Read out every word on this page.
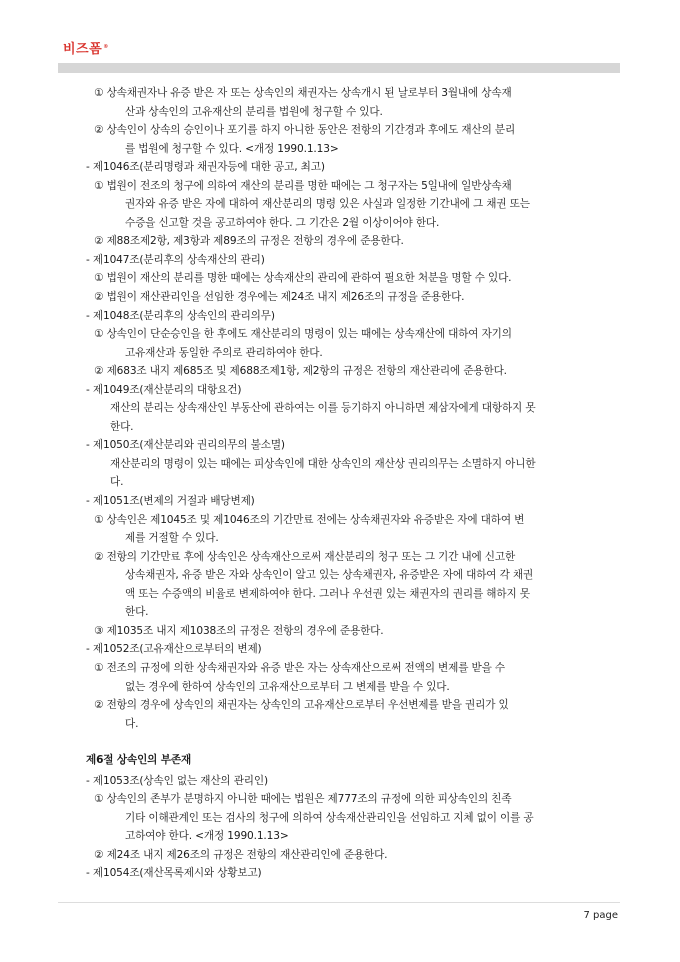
비즈폼®
① 상속채권자나 유증 받은 자 또는 상속인의 채권자는 상속개시 된 날로부터 3월내에 상속재
산과 상속인의 고유재산의 분리를 법원에 청구할 수 있다.
② 상속인이 상속의 승인이나 포기를 하지 아니한 동안은 전항의 기간경과 후에도 재산의 분리
를 법원에 청구할 수 있다. <개정 1990.1.13>
- 제1046조(분리명령과 채권자등에 대한 공고, 최고)
① 법원이 전조의 청구에 의하여 재산의 분리를 명한 때에는 그 청구자는 5일내에 일반상속채
권자와 유증 받은 자에 대하여 재산분리의 명령 있은 사실과 일정한 기간내에 그 채권 또는
수증을 신고할 것을 공고하여야 한다. 그 기간은 2월 이상이어야 한다.
② 제88조제2항, 제3항과 제89조의 규정은 전항의 경우에 준용한다.
- 제1047조(분리후의 상속재산의 관리)
① 법원이 재산의 분리를 명한 때에는 상속재산의 관리에 관하여 필요한 처분을 명할 수 있다.
② 법원이 재산관리인을 선임한 경우에는 제24조 내지 제26조의 규정을 준용한다.
- 제1048조(분리후의 상속인의 관리의무)
① 상속인이 단순승인을 한 후에도 재산분리의 명령이 있는 때에는 상속재산에 대하여 자기의
고유재산과 동일한 주의로 관리하여야 한다.
② 제683조 내지 제685조 및 제688조제1항, 제2항의 규정은 전항의 재산관리에 준용한다.
- 제1049조(재산분리의 대항요건)
재산의 분리는 상속재산인 부동산에 관하여는 이를 등기하지 아니하면 제삼자에게 대항하지 못
한다.
- 제1050조(재산분리와 권리의무의 불소멸)
재산분리의 명령이 있는 때에는 피상속인에 대한 상속인의 재산상 권리의무는 소멸하지 아니한
다.
- 제1051조(변제의 거절과 배당변제)
① 상속인은 제1045조 및 제1046조의 기간만료 전에는 상속채권자와 유증받은 자에 대하여 변
제를 거절할 수 있다.
② 전항의 기간만료 후에 상속인은 상속재산으로써 재산분리의 청구 또는 그 기간 내에 신고한
상속채권자, 유증 받은 자와 상속인이 알고 있는 상속채권자, 유증받은 자에 대하여 각 채권
액 또는 수증액의 비율로 변제하여야 한다. 그러나 우선권 있는 채권자의 권리를 해하지 못
한다.
③ 제1035조 내지 제1038조의 규정은 전항의 경우에 준용한다.
- 제1052조(고유재산으로부터의 변제)
① 전조의 규정에 의한 상속채권자와 유증 받은 자는 상속재산으로써 전액의 변제를 받을 수
없는 경우에 한하여 상속인의 고유재산으로부터 그 변제를 받을 수 있다.
② 전항의 경우에 상속인의 채권자는 상속인의 고유재산으로부터 우선변제를 받을 권리가 있
다.
제6절 상속인의 부존재
- 제1053조(상속인 없는 재산의 관리인)
① 상속인의 존부가 분명하지 아니한 때에는 법원은 제777조의 규정에 의한 피상속인의 친족
기타 이해관계인 또는 검사의 청구에 의하여 상속재산관리인을 선임하고 지체 없이 이를 공
고하여야 한다. <개정 1990.1.13>
② 제24조 내지 제26조의 규정은 전항의 재산관리인에 준용한다.
- 제1054조(재산목록제시와 상황보고)
7 page
